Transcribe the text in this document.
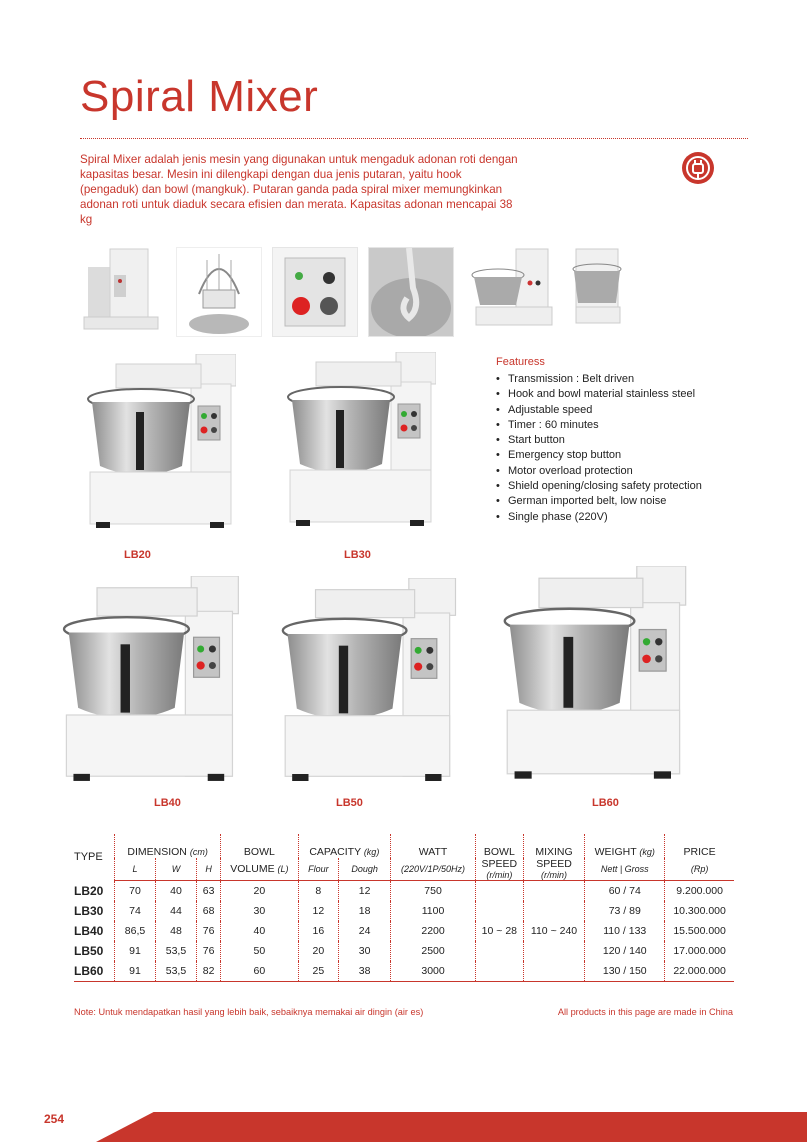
Spiral Mixer
Spiral Mixer adalah jenis mesin yang digunakan untuk mengaduk adonan roti dengan kapasitas besar. Mesin ini dilengkapi dengan dua jenis putaran, yaitu hook (pengaduk) dan bowl (mangkuk). Putaran ganda pada spiral mixer memungkinkan adonan roti untuk diaduk secara efisien dan merata. Kapasitas adonan mencapai 38 kg
Featuress
• Transmission : Belt driven
• Hook and bowl material stainless steel
• Adjustable speed
• Timer : 60 minutes
• Start button
• Emergency stop button
• Motor overload protection
• Shield opening/closing safety protection
• German imported belt, low noise
• Single phase (220V)
LB20	LB30
LB40	LB50	LB60
TYPE	DIMENSION (cm)			BOWL	CAPACITY (kg)		WATT	BOWL	MIXING	WEIGHT (kg)	PRICE
	L	W	H	VOLUME (L)	Flour	Dough	(220V/1P/50Hz)	SPEED
(r/min)	SPEED
(r/min)	Nett | Gross	(Rp)
LB20	70	40	63	20	8	12	750	10 ~ 28	110 ~ 240	60 / 74	9.200.000
LB30	74	44	68	30	12	18	1100			73 / 89	10.300.000
LB40	86,5	48	76	40	16	24	2200			110 / 133	15.500.000
LB50	91	53,5	76	50	20	30	2500			120 / 140	17.000.000
LB60	91	53,5	82	60	25	38	3000			130 / 150	22.000.000
Note: Untuk mendapatkan hasil yang lebih baik, sebaiknya memakai air dingin (air es)	All products in this page are made in China
254
